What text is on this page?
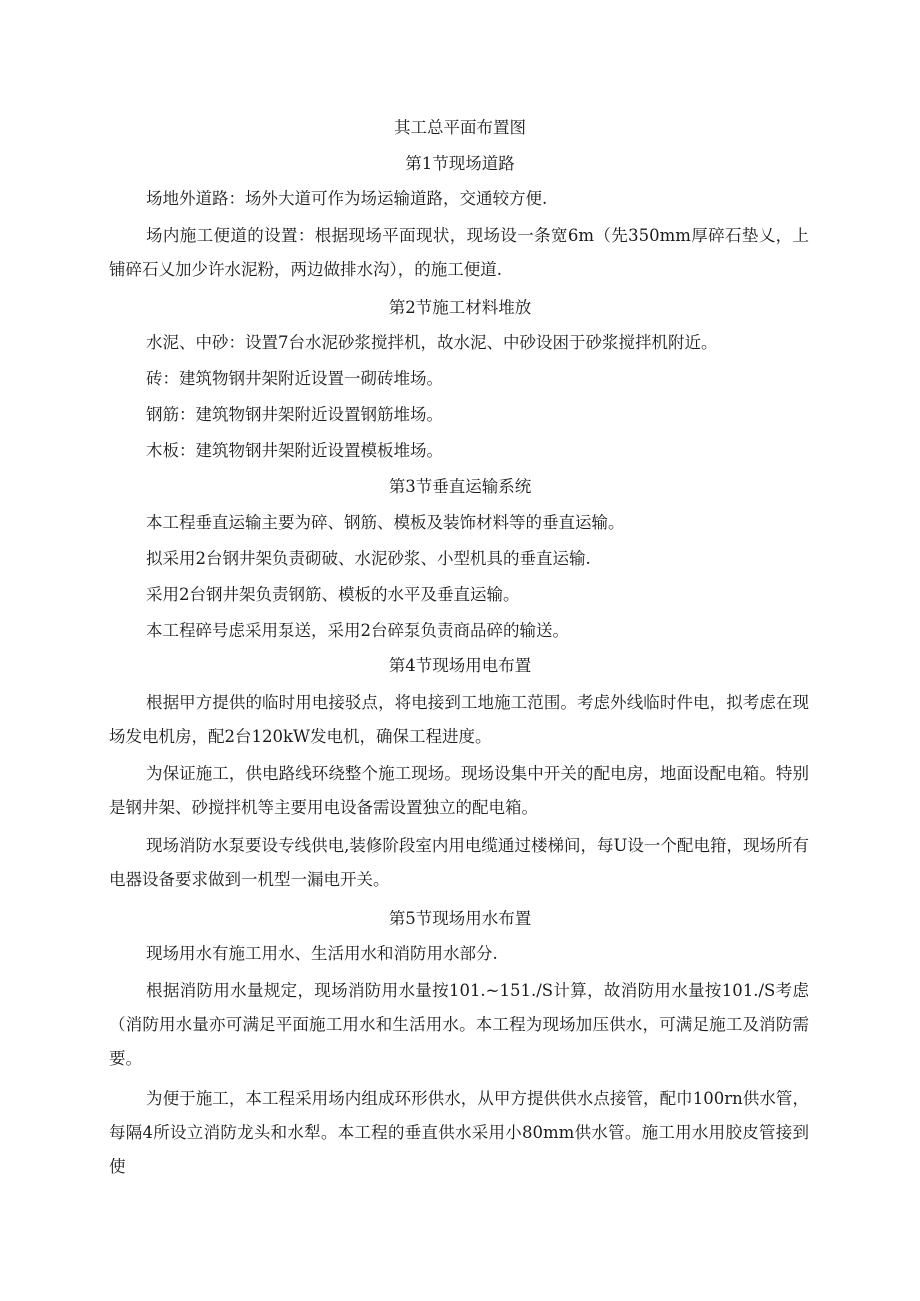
其工总平面布置图
第1节现场道路
场地外道路：场外大道可作为场运输道路，交通较方便.
场内施工便道的设置：根据现场平面现状，现场设一条宽6m（先350mm厚碎石垫乂，上铺碎石乂加少许水泥粉，两边做排水沟），的施工便道.
第2节施工材料堆放
水泥、中砂：设置7台水泥砂浆搅拌机，故水泥、中砂设困于砂浆搅拌机附近。
砖：建筑物钢井架附近设置一砌砖堆场。
钢筋：建筑物钢井架附近设置钢筋堆场。
木板：建筑物钢井架附近设置模板堆场。
第3节垂直运输系统
本工程垂直运输主要为碎、钢筋、模板及装饰材料等的垂直运输。
拟采用2台钢井架负责砌破、水泥砂浆、小型机具的垂直运输.
采用2台钢井架负责钢筋、模板的水平及垂直运输。
本工程碎号虑采用泵送，采用2台碎泵负责商品碎的输送。
第4节现场用电布置
根据甲方提供的临时用电接驳点，将电接到工地施工范围。考虑外线临时件电，拟考虑在现场发电机房，配2台120kW发电机，确保工程进度。
为保证施工，供电路线环绕整个施工现场。现场设集中开关的配电房，地面设配电箱。特别是钢井架、砂搅拌机等主要用电设备需设置独立的配电箱。
现场消防水泵要设专线供电,装修阶段室内用电缆通过楼梯间，每U设一个配电箝，现场所有电器设备要求做到一机型一漏电开关。
第5节现场用水布置
现场用水有施工用水、生活用水和消防用水部分.
根据消防用水量规定，现场消防用水量按101.~151./S计算，故消防用水量按101./S考虑（消防用水量亦可满足平面施工用水和生活用水。本工程为现场加压供水，可满足施工及消防需要。
为便于施工，本工程采用场内组成环形供水，从甲方提供供水点接管，配巾100rn供水管，每隔4所设立消防龙头和水犁。本工程的垂直供水采用小80mm供水管。施工用水用胶皮管接到使
